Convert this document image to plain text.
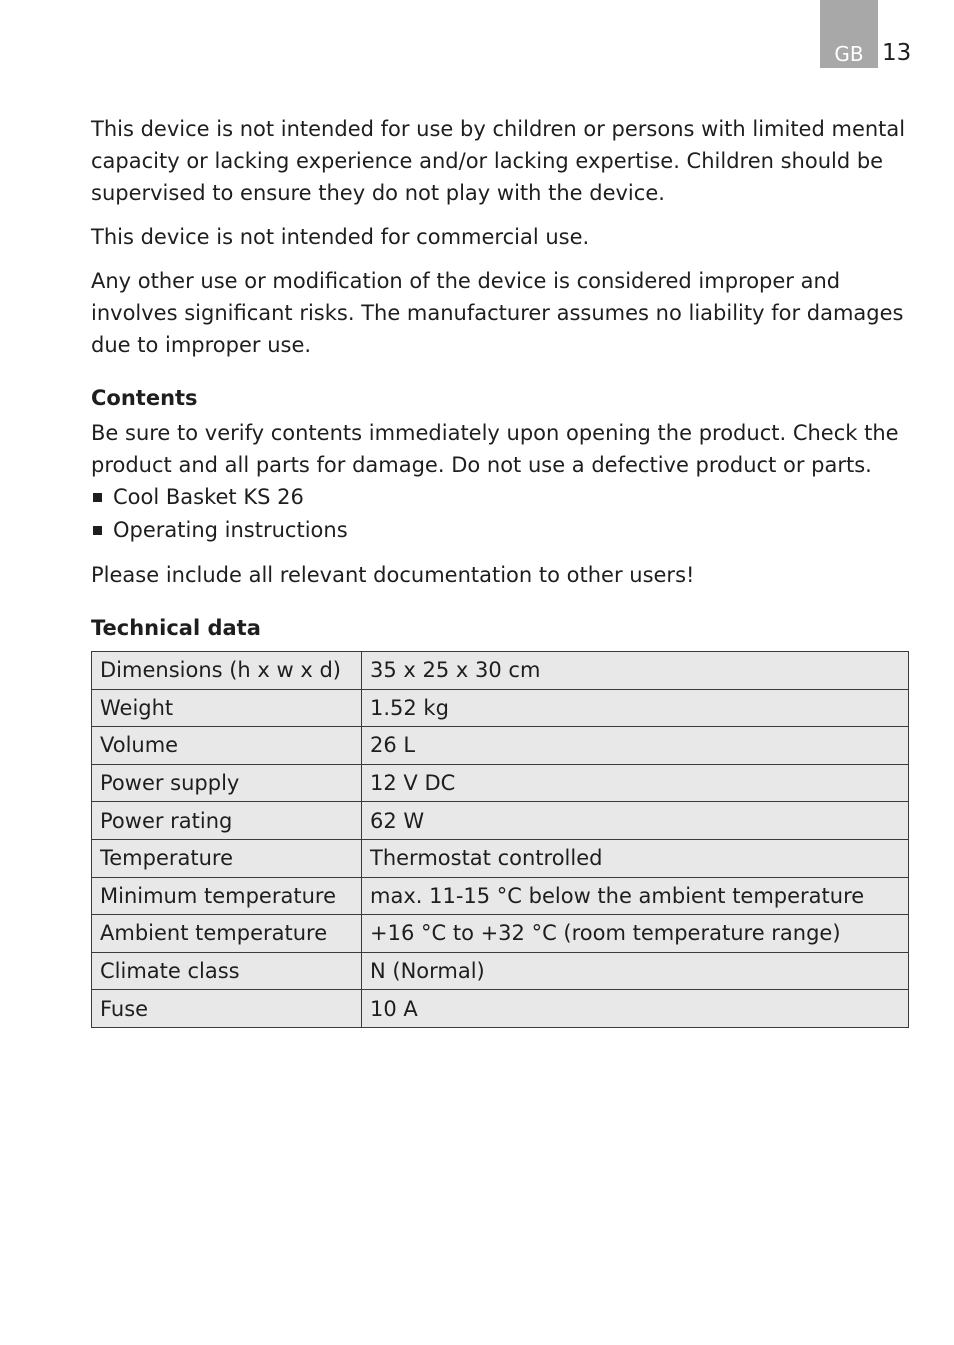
GB 13

This device is not intended for use by children or persons with limited mental capacity or lacking experience and/or lacking expertise. Children should be supervised to ensure they do not play with the device.

This device is not intended for commercial use.

Any other use or modification of the device is considered improper and involves significant risks. The manufacturer assumes no liability for damages due to improper use.

Contents

Be sure to verify contents immediately upon opening the product. Check the product and all parts for damage. Do not use a defective product or parts.

Cool Basket KS 26
Operating instructions

Please include all relevant documentation to other users!

Technical data
Dimensions (h x w x d)	35 x 25 x 30 cm
Weight	1.52 kg
Volume	26 L
Power supply	12 V DC
Power rating	62 W
Temperature	Thermostat controlled
Minimum temperature	max. 11-15 °C below the ambient temperature
Ambient temperature	+16 °C to +32 °C (room temperature range)
Climate class	N (Normal)
Fuse	10 A
